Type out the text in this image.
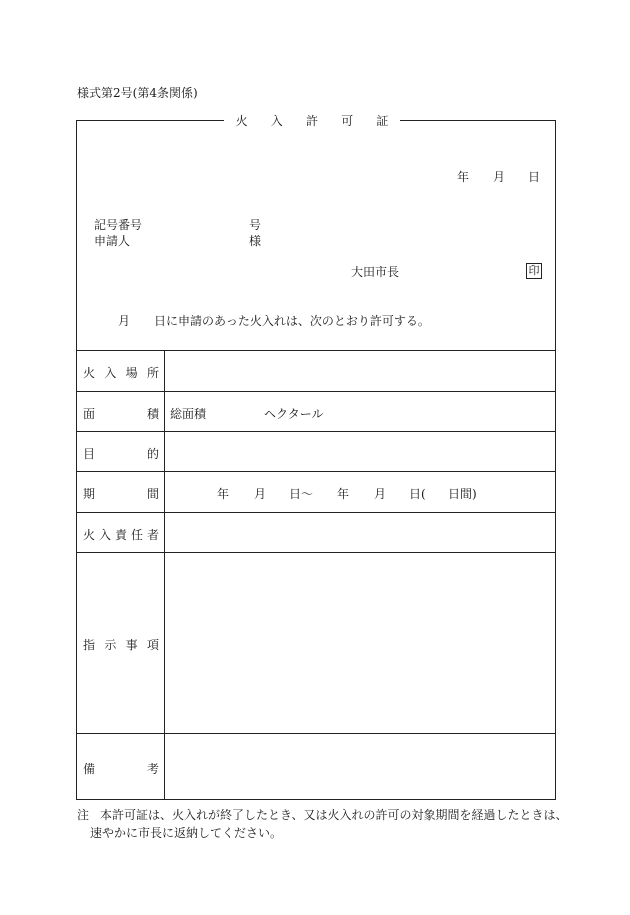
様式第2号(第4条関係)
火 入 許 可 証
年 月 日
記号番号	号
申請人	様
大田市長	印
月 日に申請のあった火入れは、次のとおり許可する。
火 入 場 所
面	積 総面積	ヘクタール
目	的
期	間	年 月 日〜 年 月 日( 日間)
火 入 責 任 者
指 示 事 項
備	考
注 本許可証は、火入れが終了したとき、又は火入れの許可の対象期間を経過したときは、
速やかに市長に返納してください。
